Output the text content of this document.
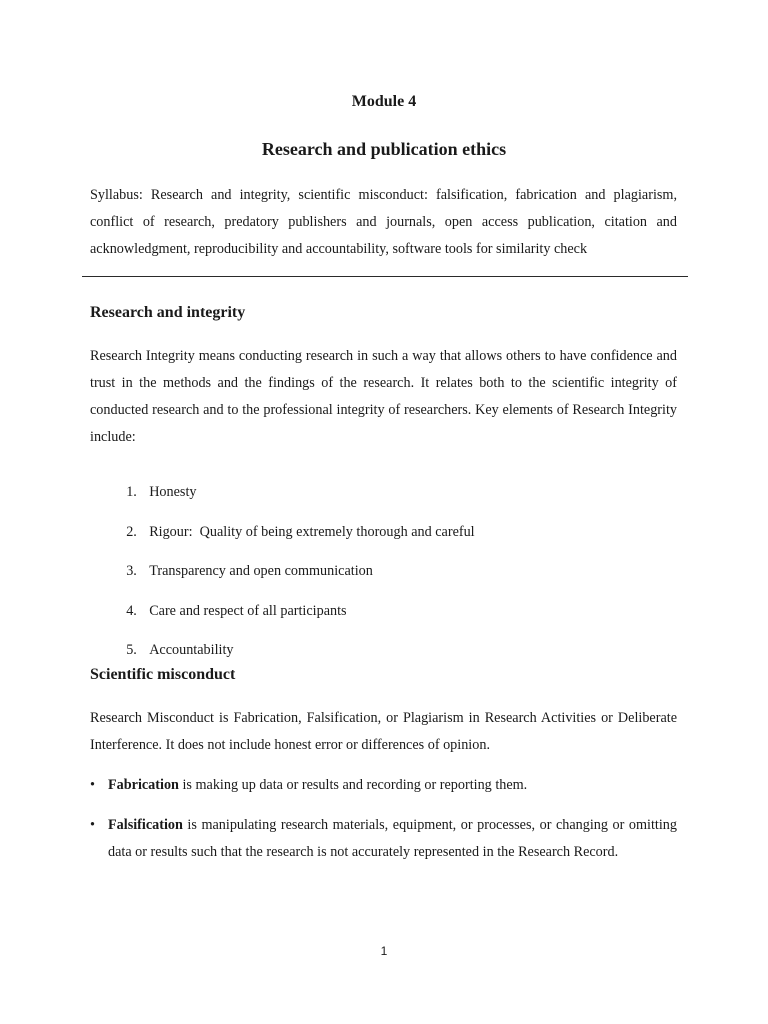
Module 4
Research and publication ethics

Syllabus: Research and integrity, scientific misconduct: falsification, fabrication and plagiarism, conflict of research, predatory publishers and journals, open access publication, citation and acknowledgment, reproducibility and accountability, software tools for similarity check

Research and integrity

Research Integrity means conducting research in such a way that allows others to have confidence and trust in the methods and the findings of the research. It relates both to the scientific integrity of conducted research and to the professional integrity of researchers. Key elements of Research Integrity include:

1. Honesty

2. Rigour:  Quality of being extremely thorough and careful

3. Transparency and open communication

4. Care and respect of all participants

5. Accountability

Scientific misconduct

Research Misconduct is Fabrication, Falsification, or Plagiarism in Research Activities or Deliberate Interference. It does not include honest error or differences of opinion.

• Fabrication is making up data or results and recording or reporting them.
• Falsification is manipulating research materials, equipment, or processes, or changing or omitting data or results such that the research is not accurately represented in the Research Record.

1
